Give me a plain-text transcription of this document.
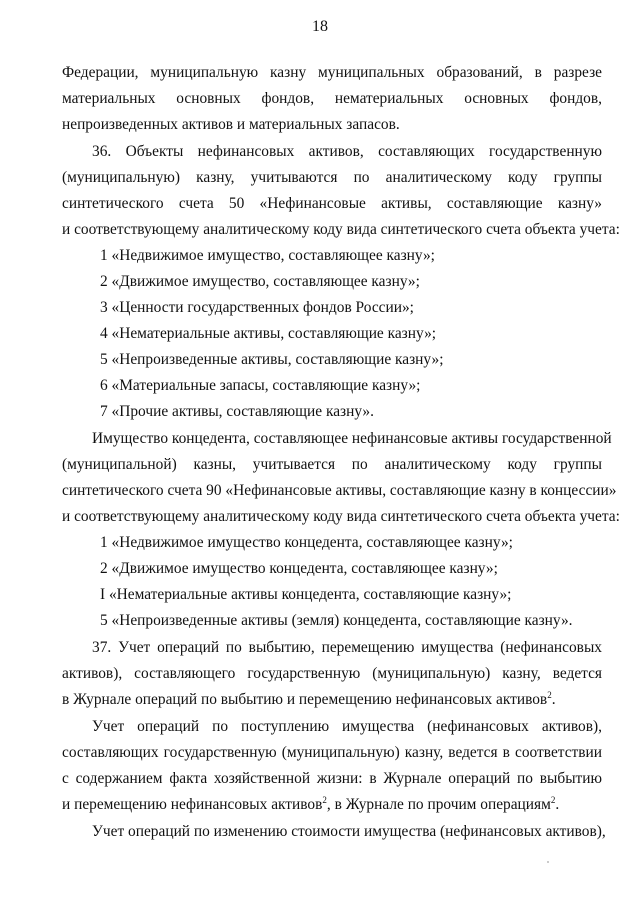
18
Федерации, муниципальную казну муниципальных образований, в разрезе
материальных основных фондов, нематериальных основных фондов,
непроизведенных активов и материальных запасов.
36. Объекты нефинансовых активов, составляющих государственную
(муниципальную) казну, учитываются по аналитическому коду группы
синтетического счета 50 «Нефинансовые активы, составляющие казну»
и соответствующему аналитическому коду вида синтетического счета объекта учета:
1 «Недвижимое имущество, составляющее казну»;
2 «Движимое имущество, составляющее казну»;
3 «Ценности государственных фондов России»;
4 «Нематериальные активы, составляющие казну»;
5 «Непроизведенные активы, составляющие казну»;
6 «Материальные запасы, составляющие казну»;
7 «Прочие активы, составляющие казну».
Имущество концедента, составляющее нефинансовые активы государственной
(муниципальной) казны, учитывается по аналитическому коду группы
синтетического счета 90 «Нефинансовые активы, составляющие казну в концессии»
и соответствующему аналитическому коду вида синтетического счета объекта учета:
1 «Недвижимое имущество концедента, составляющее казну»;
2 «Движимое имущество концедента, составляющее казну»;
I «Нематериальные активы концедента, составляющие казну»;
5 «Непроизведенные активы (земля) концедента, составляющие казну».
37. Учет операций по выбытию, перемещению имущества (нефинансовых
активов), составляющего государственную (муниципальную) казну, ведется
в Журнале операций по выбытию и перемещению нефинансовых активов$^2$.
Учет операций по поступлению имущества (нефинансовых активов),
составляющих государственную (муниципальную) казну, ведется в соответствии
с содержанием факта хозяйственной жизни: в Журнале операций по выбытию
и перемещению нефинансовых активов$^2$, в Журнале по прочим операциям$^2$.
Учет операций по изменению стоимости имущества (нефинансовых активов),
